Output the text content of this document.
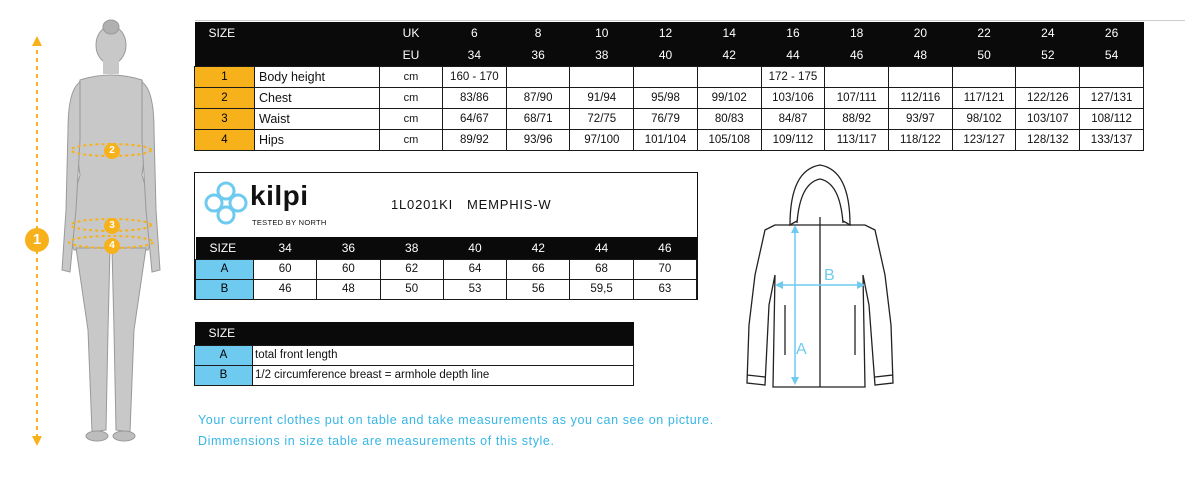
1
2
3
4
SIZE		UK	6	8	10	12	14	16	18	20	22	24	26
		EU	34	36	38	40	42	44	46	48	50	52	54
1	Body height	cm	160 - 170					172 - 175					
2	Chest	cm	83/86	87/90	91/94	95/98	99/102	103/106	107/111	112/116	117/121	122/126	127/131
3	Waist	cm	64/67	68/71	72/75	76/79	80/83	84/87	88/92	93/97	98/102	103/107	108/112
4	Hips	cm	89/92	93/96	97/100	101/104	105/108	109/112	113/117	118/122	123/127	128/132	133/137
kilpi
TESTED BY NORTH
1L0201KI MEMPHIS-W
SIZE	34	36	38	40	42	44	46
A	60	60	62	64	66	68	70
B	46	48	50	53	56	59,5	63
SIZE	
A	total front length
B	1/2 circumference breast = armhole depth line
Your current clothes put on table and take measurements as you can see on picture.
Dimmensions in size table are measurements of this style.
A
B
